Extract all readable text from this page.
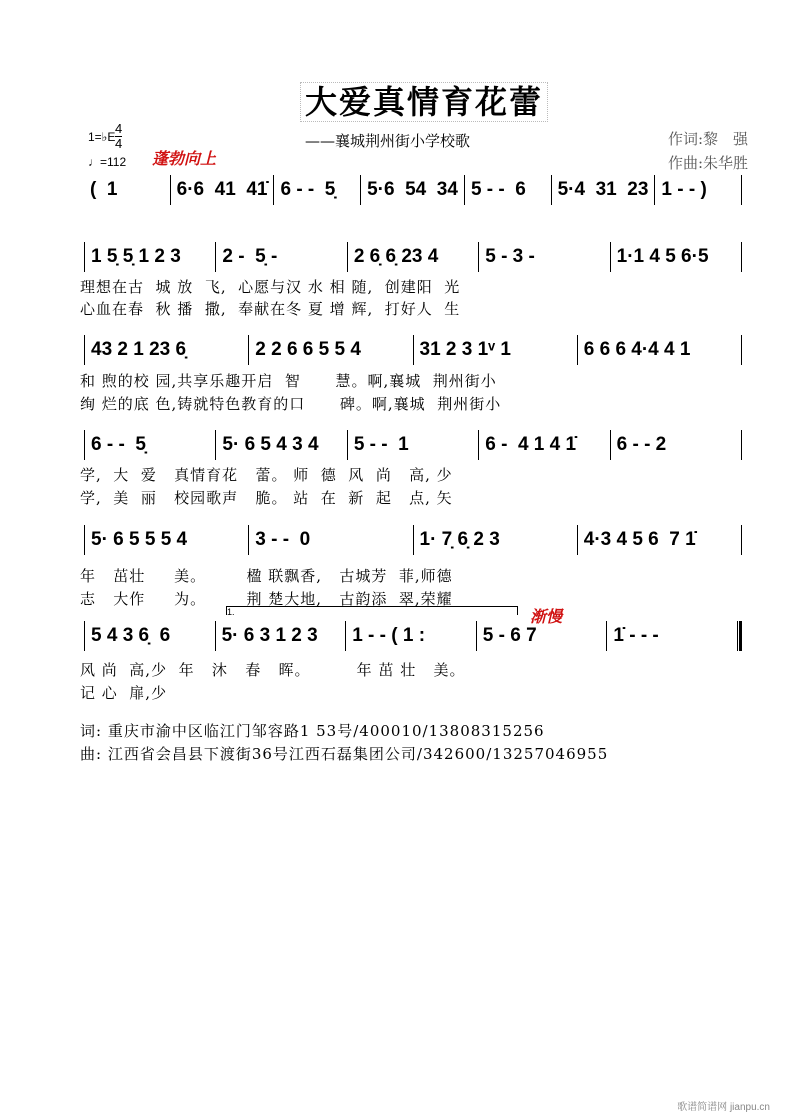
大爱真情育花蕾
——襄城荆州街小学校歌	作词:黎　强
作曲:朱华胜
1=♭E
4
4
♩=112 蓬勃向上
渐慢
1.
(  1	6·6  41  41̇ 6 - -  5̣	5·6  54  34 5 - -  6	5·4  31  23 1 - - )
1 5̣ 5̣ 1 2 3	2 -  5̣ -	2 6̣ 6̣ 23 4	5 - 3 -	1·1 4 5 6·5
理想在古  城 放  飞,  心愿与汉 水 相 随,  创建阳  光
心血在春  秋 播  撒,  奉献在冬 夏 增 辉,  打好人  生
43 2 1 23 6̣	2 2 6 6 5 5 4	31 2 3 1ᵛ 1	6 6 6 4·4 4 1
和 煦的校 园,共享乐趣开启  智      慧。啊,襄城  荆州街小
绚 烂的底 色,铸就特色教育的口      碑。啊,襄城  荆州街小
6 - -  5̣	5· 6 5 4 3 4	5 - -  1	6 -  4 1 4 1̇	6 - - 2
学,  大  爱   真情育花   蕾。 师  德  风  尚   高, 少
学,  美  丽   校园歌声   脆。 站  在  新  起   点, 矢
5· 6 5 5 5 4	3 - -  0	1· 7̣ 6̣ 2 3	4·3 4 5 6  7 1̇
年   茁壮     美。       楹 联飘香,   古城芳  菲,师德
志   大作     为。       荆 楚大地,   古韵添  翠,荣耀
5 4 3 6̣  6	5· 6 3 1 2 3	1 - - ( 1 :	5 - 6 7	1̇ - - -
风 尚  高,少  年   沐   春   晖。        年 茁 壮   美。
记 心  扉,少
词: 重庆市渝中区临江门邹容路1 53号/400010/13808315256
曲: 江西省会昌县下渡街36号江西石磊集团公司/342600/13257046955
歌谱简谱网 jianpu.cn
